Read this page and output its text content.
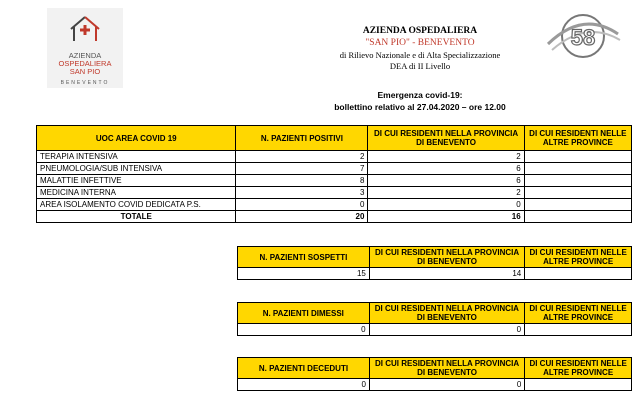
AZIENDA
OSPEDALIERA
SAN PIO
BENEVENTO
AZIENDA OSPEDALIERA
"SAN PIO" - BENEVENTO
di Rilievo Nazionale e di Alta Specializzazione
DEA di II Livello
Emergenza covid-19:
bollettino relativo al 27.04.2020 – ore 12.00
58
UOC AREA COVID 19	N. PAZIENTI POSITIVI	DI CUI RESIDENTI NELLA PROVINCIA DI BENEVENTO	DI CUI RESIDENTI NELLE ALTRE PROVINCE
TERAPIA INTENSIVA	2	2	
PNEUMOLOGIA/SUB INTENSIVA	7	6	
MALATTIE INFETTIVE	8	6	
MEDICINA INTERNA	3	2	
AREA ISOLAMENTO COVID DEDICATA P.S.	0	0	
TOTALE	20	16	
N. PAZIENTI SOSPETTI	DI CUI RESIDENTI NELLA PROVINCIA DI BENEVENTO	DI CUI RESIDENTI NELLE ALTRE PROVINCE
15	14	
N. PAZIENTI DIMESSI	DI CUI RESIDENTI NELLA PROVINCIA DI BENEVENTO	DI CUI RESIDENTI NELLE ALTRE PROVINCE
0	0	
N. PAZIENTI DECEDUTI	DI CUI RESIDENTI NELLA PROVINCIA DI BENEVENTO	DI CUI RESIDENTI NELLE ALTRE PROVINCE
0	0	
